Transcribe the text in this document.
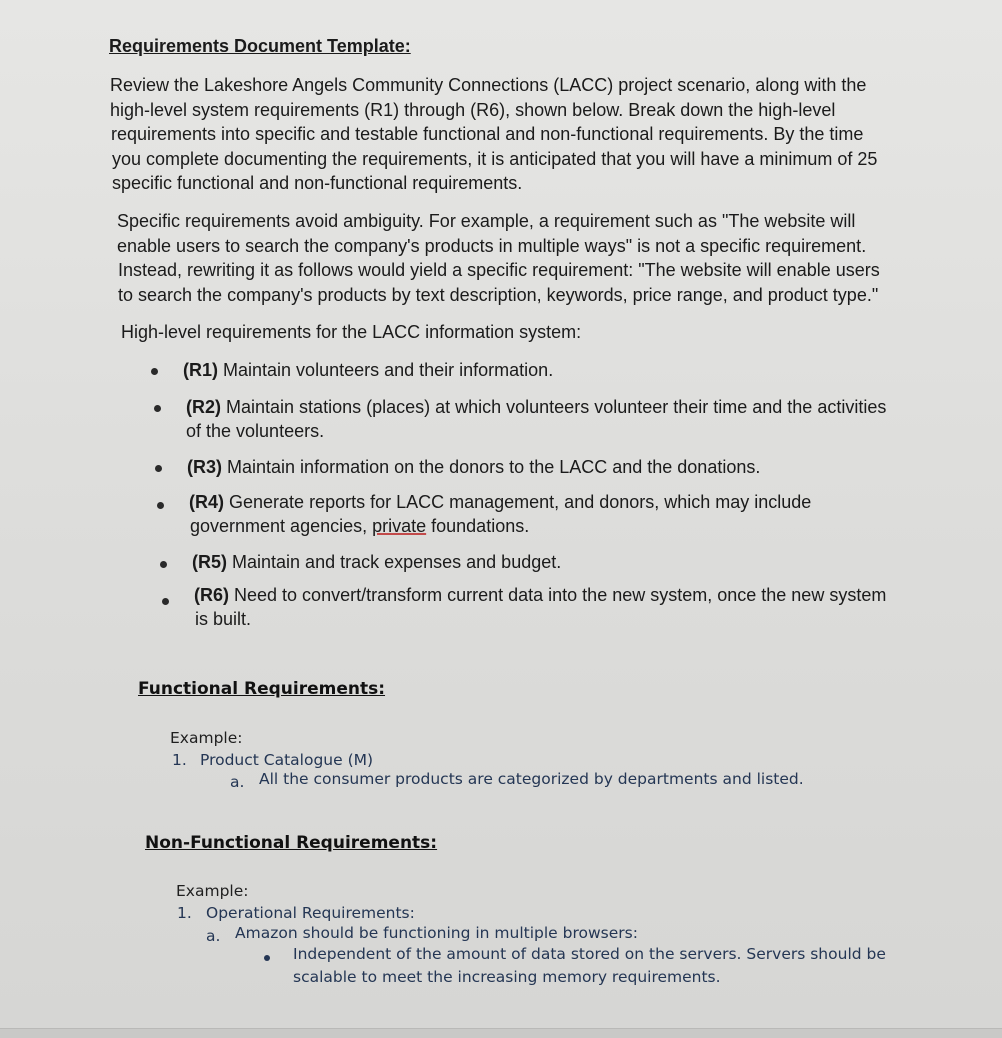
Requirements Document Template:
Review the Lakeshore Angels Community Connections (LACC) project scenario, along with the
high-level system requirements (R1) through (R6), shown below. Break down the high-level
requirements into specific and testable functional and non-functional requirements. By the time
you complete documenting the requirements, it is anticipated that you will have a minimum of 25
specific functional and non-functional requirements.
Specific requirements avoid ambiguity. For example, a requirement such as "The website will
enable users to search the company's products in multiple ways" is not a specific requirement.
Instead, rewriting it as follows would yield a specific requirement: "The website will enable users
to search the company's products by text description, keywords, price range, and product type."
High-level requirements for the LACC information system:
(R1) Maintain volunteers and their information.
(R2) Maintain stations (places) at which volunteers volunteer their time and the activities
of the volunteers.
(R3) Maintain information on the donors to the LACC and the donations.
(R4) Generate reports for LACC management, and donors, which may include
government agencies, private foundations.
(R5) Maintain and track expenses and budget.
(R6) Need to convert/transform current data into the new system, once the new system
is built.
Functional Requirements:
Example:
1. Product Catalogue (M)
a. All the consumer products are categorized by departments and listed.
Non-Functional Requirements:
Example:
1. Operational Requirements:
a. Amazon should be functioning in multiple browsers:
Independent of the amount of data stored on the servers. Servers should be
scalable to meet the increasing memory requirements.
